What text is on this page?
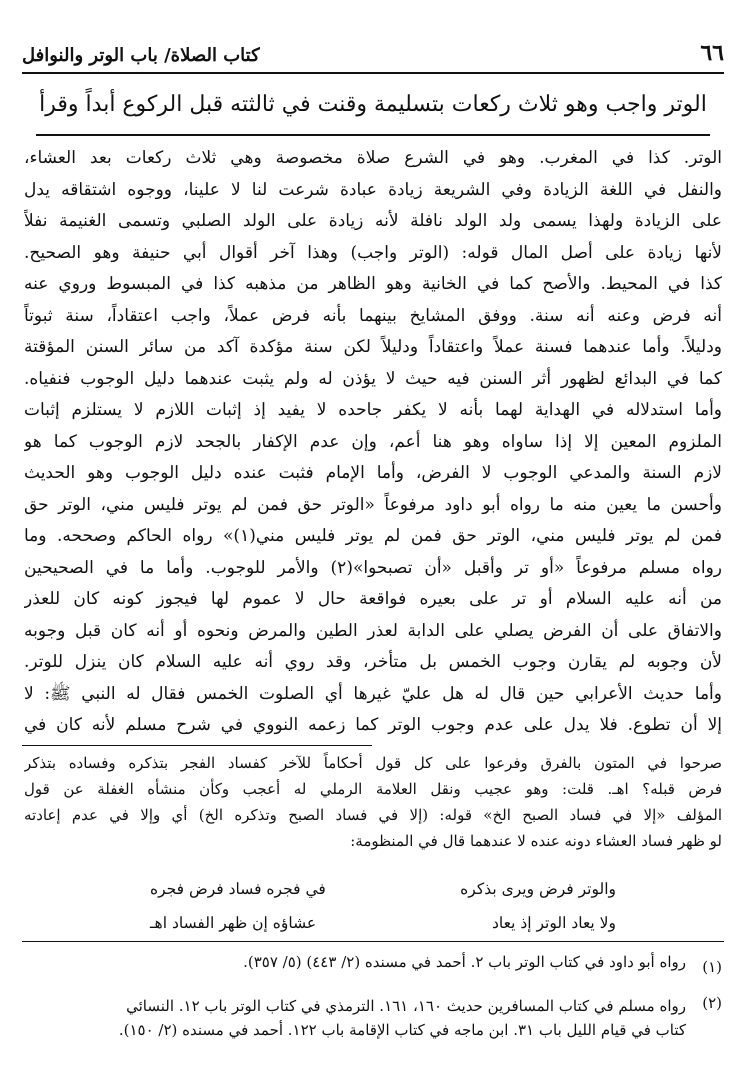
٦٦
كتاب الصلاة/ باب الوتر والنوافل
الوتر واجب وهو ثلاث ركعات بتسليمة وقنت في ثالثته قبل الركوع أبداً وقرأ
الوتر. كذا في المغرب. وهو في الشرع صلاة مخصوصة وهي ثلاث ركعات بعد العشاء،
والنفل في اللغة الزيادة وفي الشريعة زيادة عبادة شرعت لنا لا علينا، ووجوه اشتقاقه يدل
على الزيادة ولهذا يسمى ولد الولد نافلة لأنه زيادة على الولد الصلبي وتسمى الغنيمة نفلاً
لأنها زيادة على أصل المال قوله: (الوتر واجب) وهذا آخر أقوال أبي حنيفة وهو الصحيح.
كذا في المحيط. والأصح كما في الخانية وهو الظاهر من مذهبه كذا في المبسوط وروي عنه
أنه فرض وعنه أنه سنة. ووفق المشايخ بينهما بأنه فرض عملاً، واجب اعتقاداً، سنة ثبوتاً
ودليلاً. وأما عندهما فسنة عملاً واعتقاداً ودليلاً لكن سنة مؤكدة آكد من سائر السنن المؤقتة
كما في البدائع لظهور أثر السنن فيه حيث لا يؤذن له ولم يثبت عندهما دليل الوجوب فنفياه.
وأما استدلاله في الهداية لهما بأنه لا يكفر جاحده لا يفيد إذ إثبات اللازم لا يستلزم إثبات
الملزوم المعين إلا إذا ساواه وهو هنا أعم، وإن عدم الإكفار بالجحد لازم الوجوب كما هو
لازم السنة والمدعي الوجوب لا الفرض، وأما الإمام فثبت عنده دليل الوجوب وهو الحديث
وأحسن ما يعين منه ما رواه أبو داود مرفوعاً «الوتر حق فمن لم يوتر فليس مني، الوتر حق
فمن لم يوتر فليس مني، الوتر حق فمن لم يوتر فليس مني(١)» رواه الحاكم وصححه. وما
رواه مسلم مرفوعاً «أو تر وأقبل «أن تصبحوا»(٢) والأمر للوجوب. وأما ما في الصحيحين
من أنه عليه السلام أو تر على بعيره فواقعة حال لا عموم لها فيجوز كونه كان للعذر
والاتفاق على أن الفرض يصلي على الدابة لعذر الطين والمرض ونحوه أو أنه كان قبل وجوبه
لأن وجوبه لم يقارن وجوب الخمس بل متأخر، وقد روي أنه عليه السلام كان ينزل للوتر.
وأما حديث الأعرابي حين قال له هل عليّ غيرها أي الصلوت الخمس فقال له النبي ﷺ: لا
إلا أن تطوع. فلا يدل على عدم وجوب الوتر كما زعمه النووي في شرح مسلم لأنه كان في
صرحوا في المتون بالفرق وفرعوا على كل قول أحكاماً للآخر كفساد الفجر بتذكره وفساده بتذكر
فرض قبله؟ اهـ. قلت: وهو عجيب ونقل العلامة الرملي له أعجب وكأن منشأه الغفلة عن قول
المؤلف «إلا في فساد الصبح الخ» قوله: (إلا في فساد الصبح وتذكره الخ) أي وإلا في عدم إعادته
لو ظهر فساد العشاء دونه عنده لا عندهما قال في المنظومة:
والوتر فرض ويرى بذكره
في فجره فساد فرض فجره
ولا يعاد الوتر إذ يعاد
عشاؤه إن ظهر الفساد اهـ
(١)
رواه أبو داود في كتاب الوتر باب ٢. أحمد في مسنده (٢/ ٤٤٣) (٥/ ٣٥٧).
(٢)
رواه مسلم في كتاب المسافرين حديث ١٦٠، ١٦١. الترمذي في كتاب الوتر باب ١٢. النسائي
كتاب في قيام الليل باب ٣١. ابن ماجه في كتاب الإقامة باب ١٢٢. أحمد في مسنده (٢/ ١٥٠).
